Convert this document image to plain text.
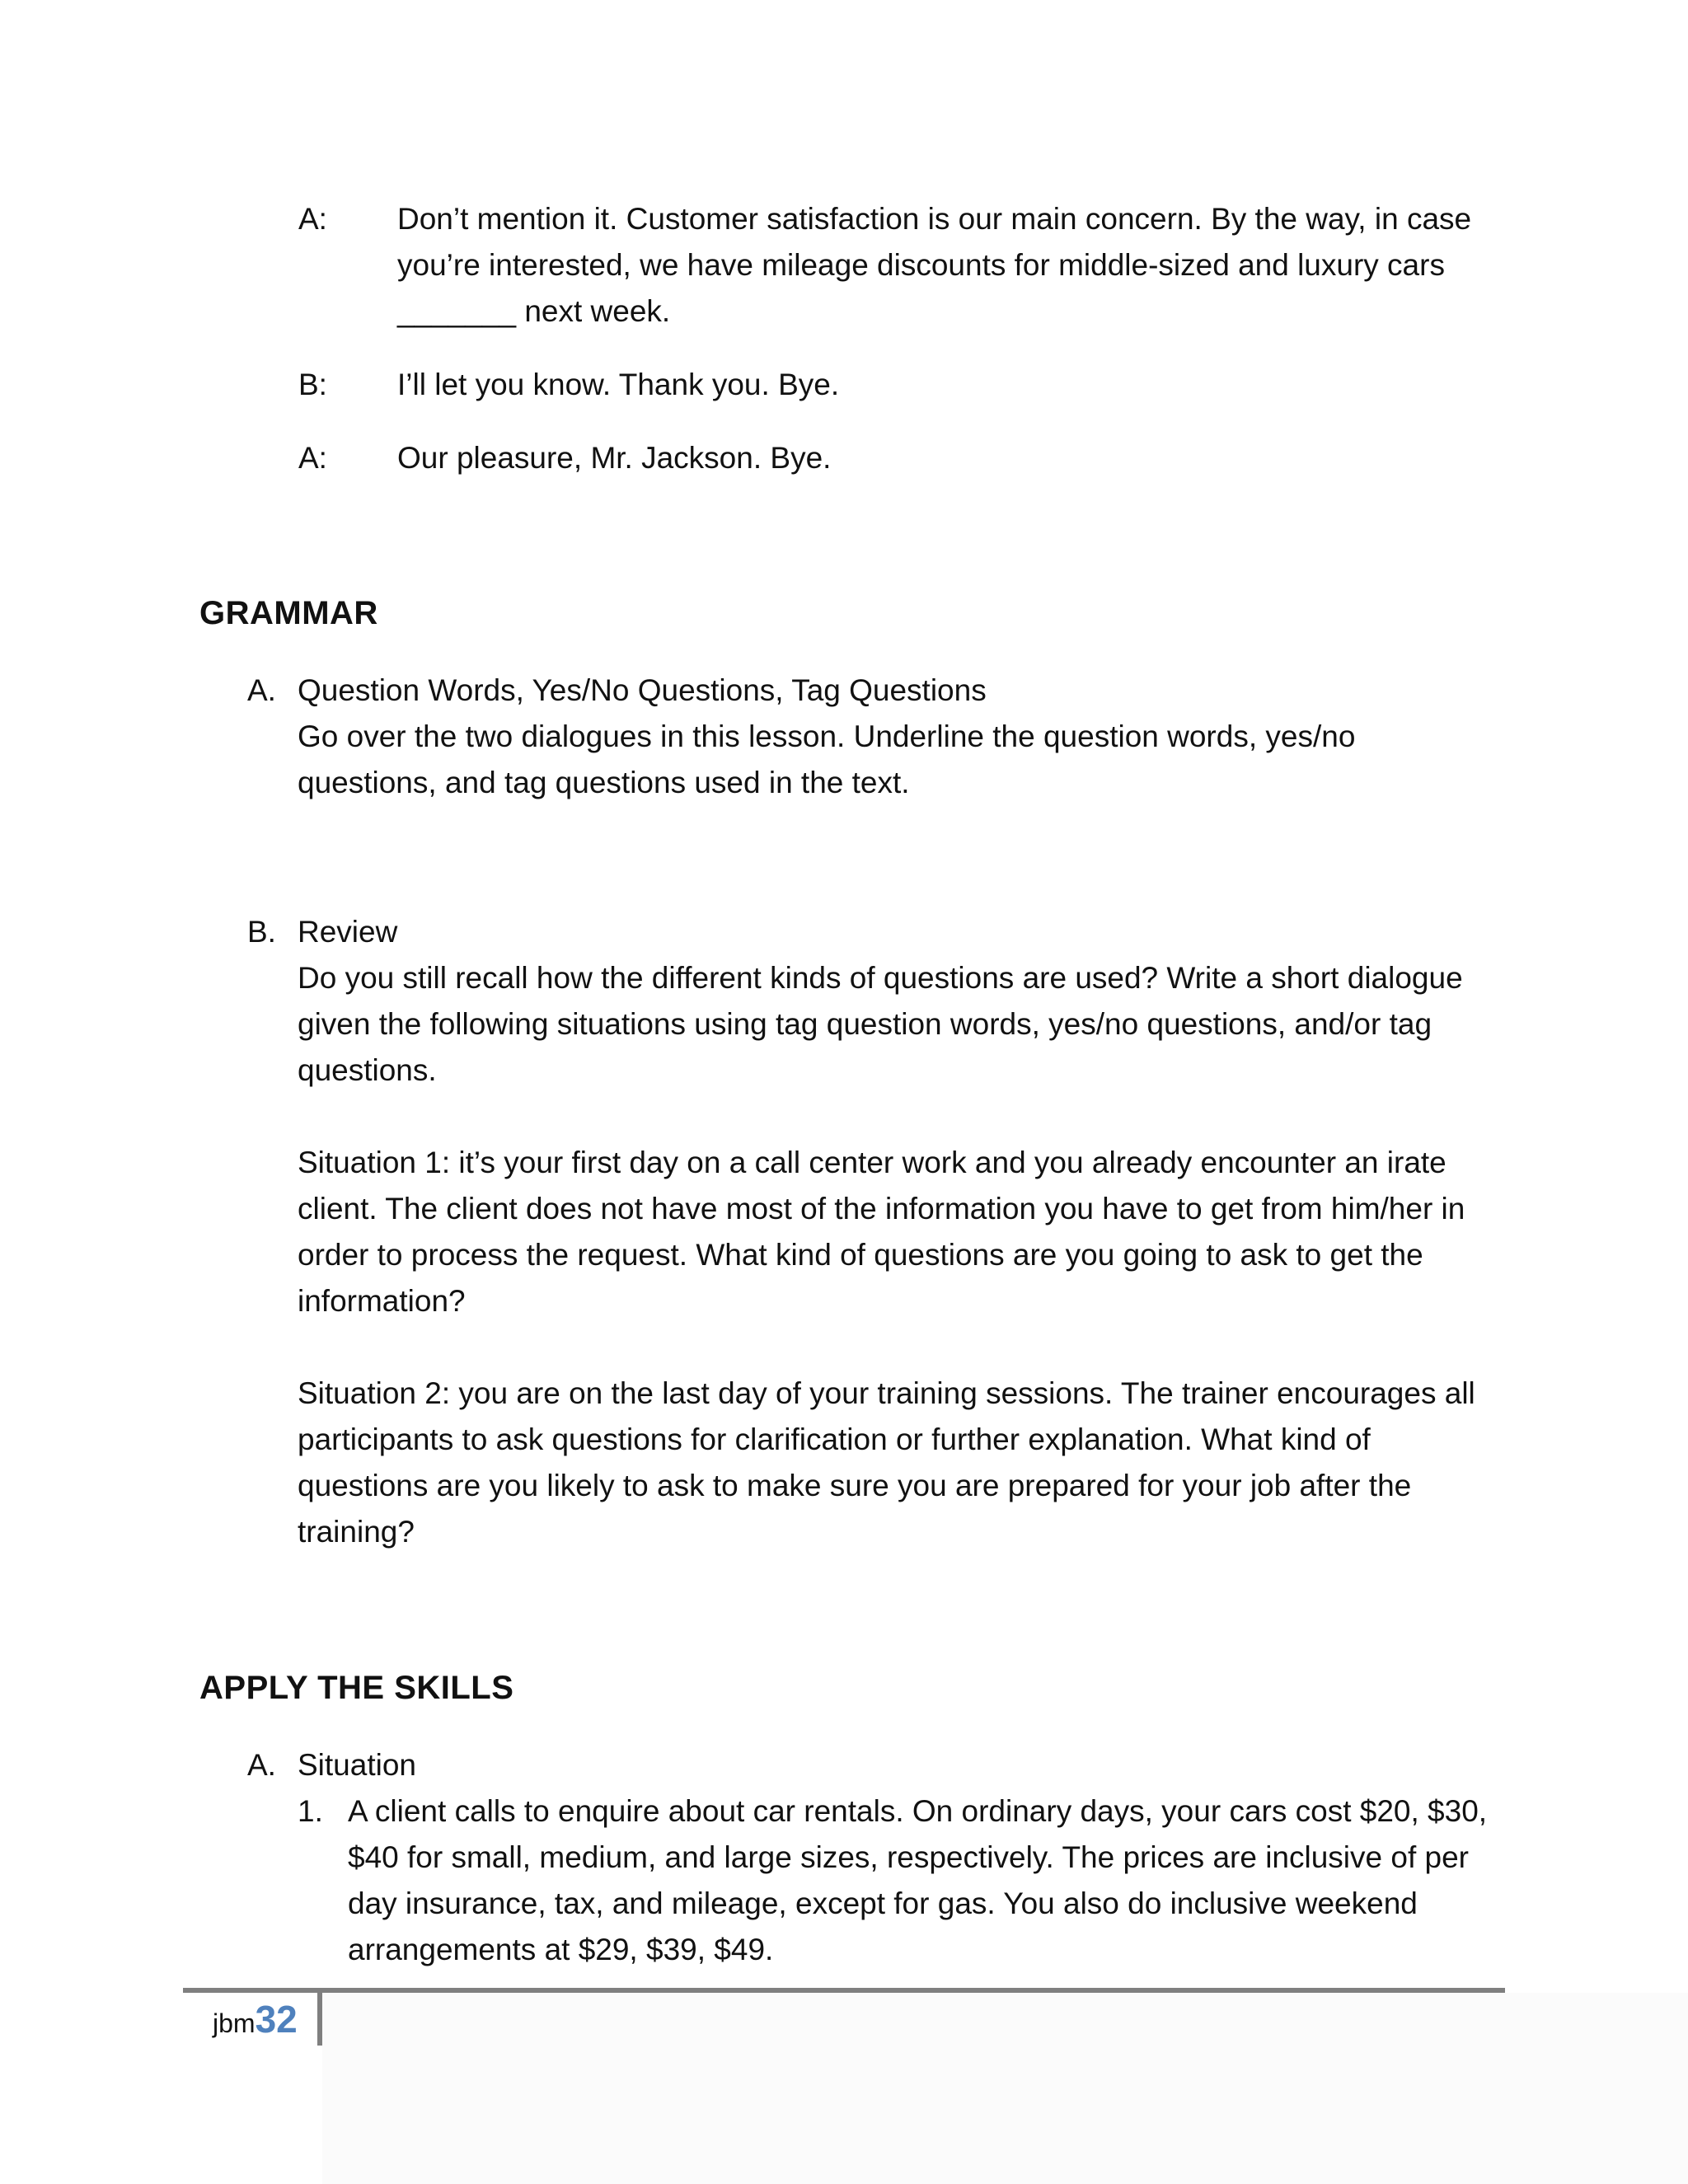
A:	Don’t mention it. Customer satisfaction is our main concern. By the way, in case you’re interested, we have mileage discounts for middle-sized and luxury cars _______ next week.
B:	I’ll let you know. Thank you. Bye.
A:	Our pleasure, Mr. Jackson. Bye.
GRAMMAR
A. Question Words, Yes/No Questions, Tag Questions
Go over the two dialogues in this lesson. Underline the question words, yes/no questions, and tag questions used in the text.
B. Review
Do you still recall how the different kinds of questions are used? Write a short dialogue given the following situations using tag question words, yes/no questions, and/or tag questions.
Situation 1: it’s your first day on a call center work and you already encounter an irate client. The client does not have most of the information you have to get from him/her in order to process the request. What kind of questions are you going to ask to get the information?
Situation 2: you are on the last day of your training sessions. The trainer encourages all participants to ask questions for clarification or further explanation. What kind of questions are you likely to ask to make sure you are prepared for your job after the training?
APPLY THE SKILLS
A. Situation
1. A client calls to enquire about car rentals. On ordinary days, your cars cost $20, $30, $40 for small, medium, and large sizes, respectively. The prices are inclusive of per day insurance, tax, and mileage, except for gas. You also do inclusive weekend arrangements at $29, $39, $49.
jbm32
